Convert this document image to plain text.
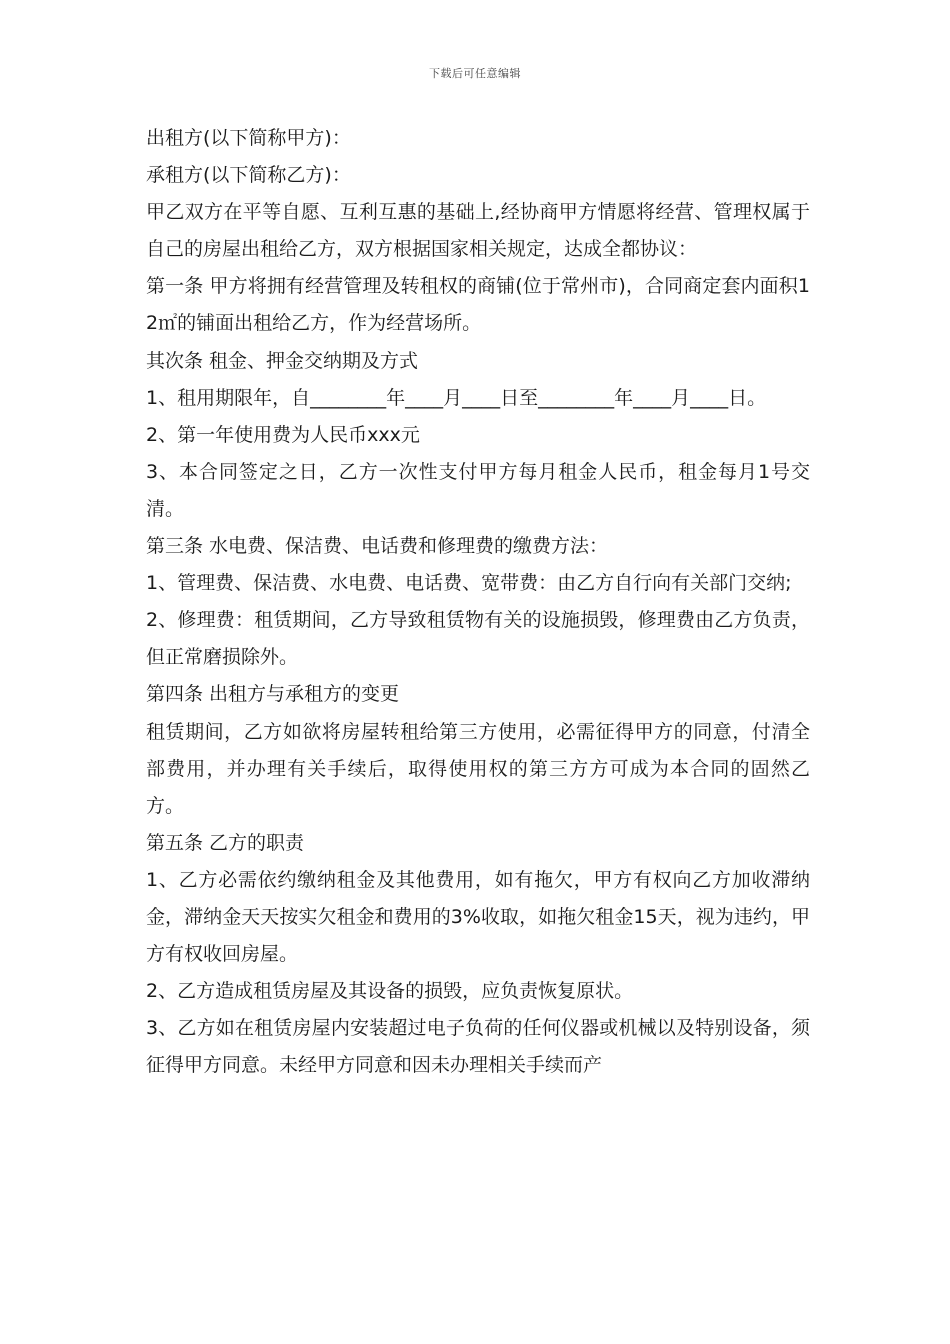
下载后可任意编辑

出租方(以下简称甲方)：

承租方(以下简称乙方)：

甲乙双方在平等自愿、互利互惠的基础上,经协商甲方情愿将经营、管理权属于自己的房屋出租给乙方，双方根据国家相关规定，达成全都协议：

第一条 甲方将拥有经营管理及转租权的商铺(位于常州市)，合同商定套内面积12㎡的铺面出租给乙方，作为经营场所。

其次条 租金、押金交纳期及方式

1、租用期限年，自________年____月____日至________年____月____日。

2、第一年使用费为人民币xxx元

3、本合同签定之日，乙方一次性支付甲方每月租金人民币，租金每月1号交清。

第三条 水电费、保洁费、电话费和修理费的缴费方法：

1、管理费、保洁费、水电费、电话费、宽带费：由乙方自行向有关部门交纳;

2、修理费：租赁期间，乙方导致租赁物有关的设施损毁，修理费由乙方负责，但正常磨损除外。

第四条 出租方与承租方的变更

租赁期间，乙方如欲将房屋转租给第三方使用，必需征得甲方的同意，付清全部费用，并办理有关手续后，取得使用权的第三方方可成为本合同的固然乙方。

第五条 乙方的职责

1、乙方必需依约缴纳租金及其他费用，如有拖欠，甲方有权向乙方加收滞纳金，滞纳金天天按实欠租金和费用的3%收取，如拖欠租金15天，视为违约，甲方有权收回房屋。

2、乙方造成租赁房屋及其设备的损毁，应负责恢复原状。

3、乙方如在租赁房屋内安装超过电子负荷的任何仪器或机械以及特别设备，须征得甲方同意。未经甲方同意和因未办理相关手续而产
